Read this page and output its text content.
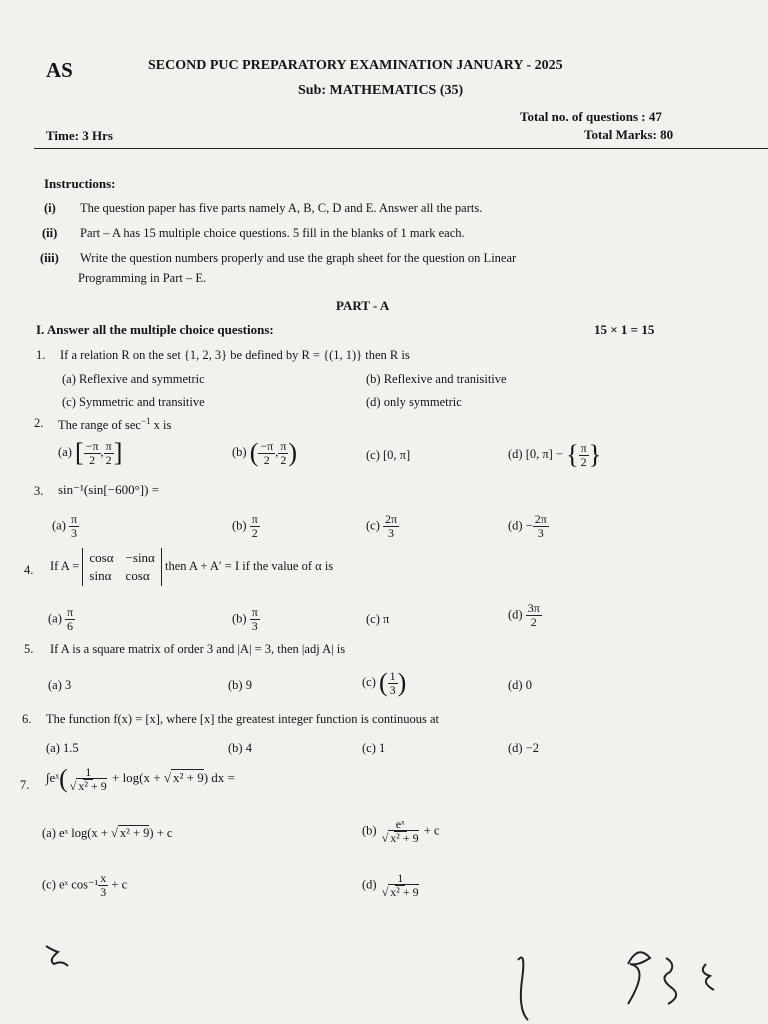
AS	SECOND PUC PREPARATORY EXAMINATION JANUARY - 2025
Sub: MATHEMATICS (35)
Total no. of questions : 47
Time: 3 Hrs	Total Marks: 80
Instructions:
(i) The question paper has five parts namely A, B, C, D and E. Answer all the parts.
(ii) Part – A has 15 multiple choice questions. 5 fill in the blanks of 1 mark each.
(iii) Write the question numbers properly and use the graph sheet for the question on Linear
Programming in Part – E.
PART - A
I. Answer all the multiple choice questions:	15 × 1 = 15
1. If a relation R on the set {1, 2, 3} be defined by R = {(1, 1)} then R is
(a) Reflexive and symmetric	(b) Reflexive and tranisitive
(c) Symmetric and transitive	(d) only symmetric
2. The range of $\sec^{-1} x$ is
(a) [ $\frac{-\pi}{2}$ , $\frac{\pi}{2}$ ]	(b) ( $\frac{-\pi}{2}$ , $\frac{\pi}{2}$ )	(c) [0, π]	(d) [0, π] − { $\frac{\pi}{2}$ }
3. sin⁻¹(sin[−600°]) =
$(a) \frac{\pi}{3}$	$(b) \frac{\pi}{2}$	$(c) \frac{2\pi}{3}$	$(d) - \frac{2\pi}{3}$
4. If A =
cosα −sinα
sinα cosα
then A + A′ = I if the value of α is
$(a) \frac{\pi}{6}$	$(b) \frac{\pi}{3}$	(c) π	$(d) \frac{3\pi}{2}$
5. If A is a square matrix of order 3 and |A| = 3, then |adj A| is
(a) 3	(b) 9	(c) ( $\frac{1}{3}$ )	(d) 0
6. The function f(x) = [x], where [x] the greatest integer function is continuous at
(a) 1.5	(b) 4	(c) 1	(d) −2
7.
∫eˣ( $\frac{1}{\text{√ x² + 9}} + \log(x$ + √ x² + 9) dx =
(a) eˣ log(x + √ x² + 9) + c	$(b) \frac{\text{eˣ}}{\text{√ x² + 9}} + c$
(c) eˣ $\cos^{-1} \frac{x}{3} + c$	$(d) \frac{1}{\text{√ x² + 9}}$
